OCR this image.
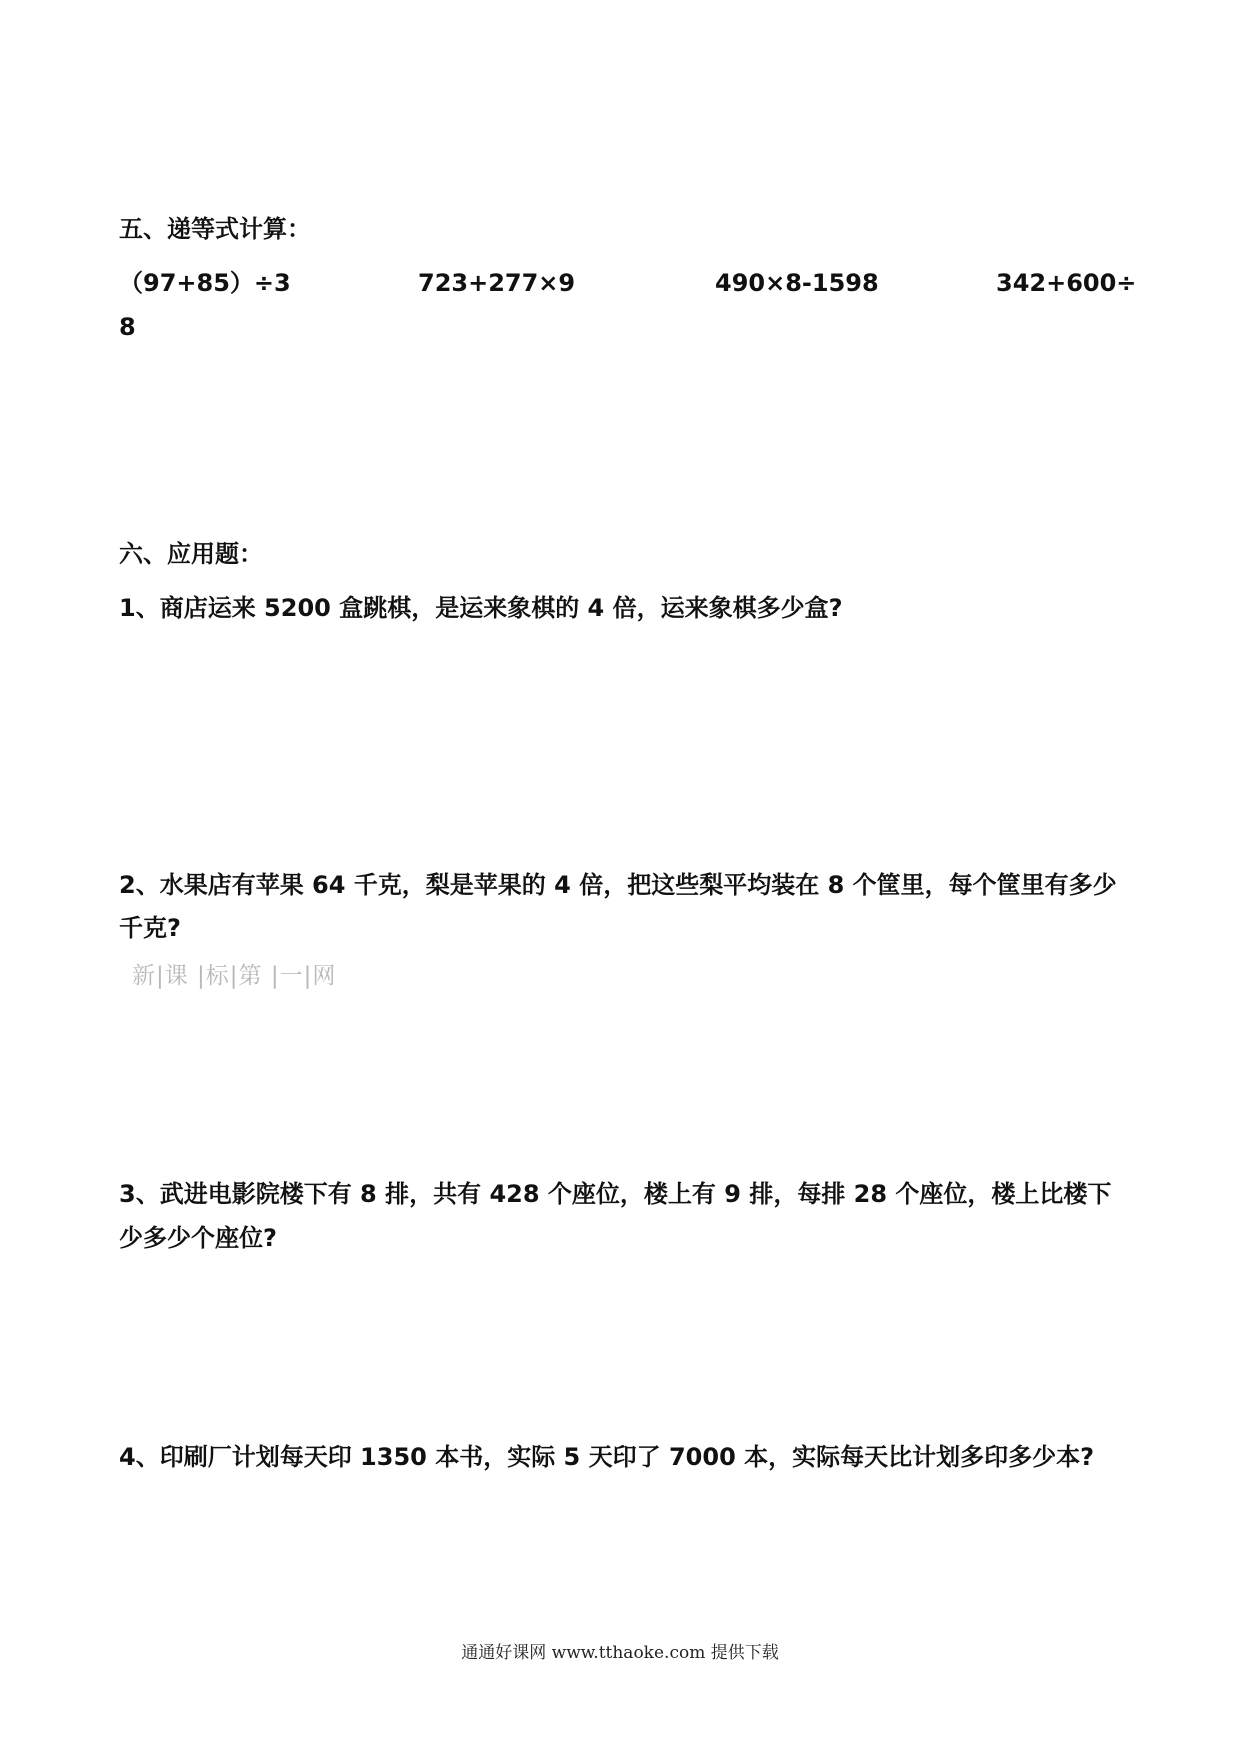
五、递等式计算：
（97+85）÷3	723+277×9	490×8-1598	342+600÷
8
六、应用题：
1、商店运来 5200 盒跳棋，是运来象棋的 4 倍，运来象棋多少盒?
2、水果店有苹果 64 千克，梨是苹果的 4 倍，把这些梨平均装在 8 个筐里，每个筐里有多少
千克?
新|课 |标|第 |一|网
3、武进电影院楼下有 8 排，共有 428 个座位，楼上有 9 排，每排 28 个座位，楼上比楼下
少多少个座位?
4、印刷厂计划每天印 1350 本书，实际 5 天印了 7000 本，实际每天比计划多印多少本?
通通好课网 www.tthaoke.com 提供下载
